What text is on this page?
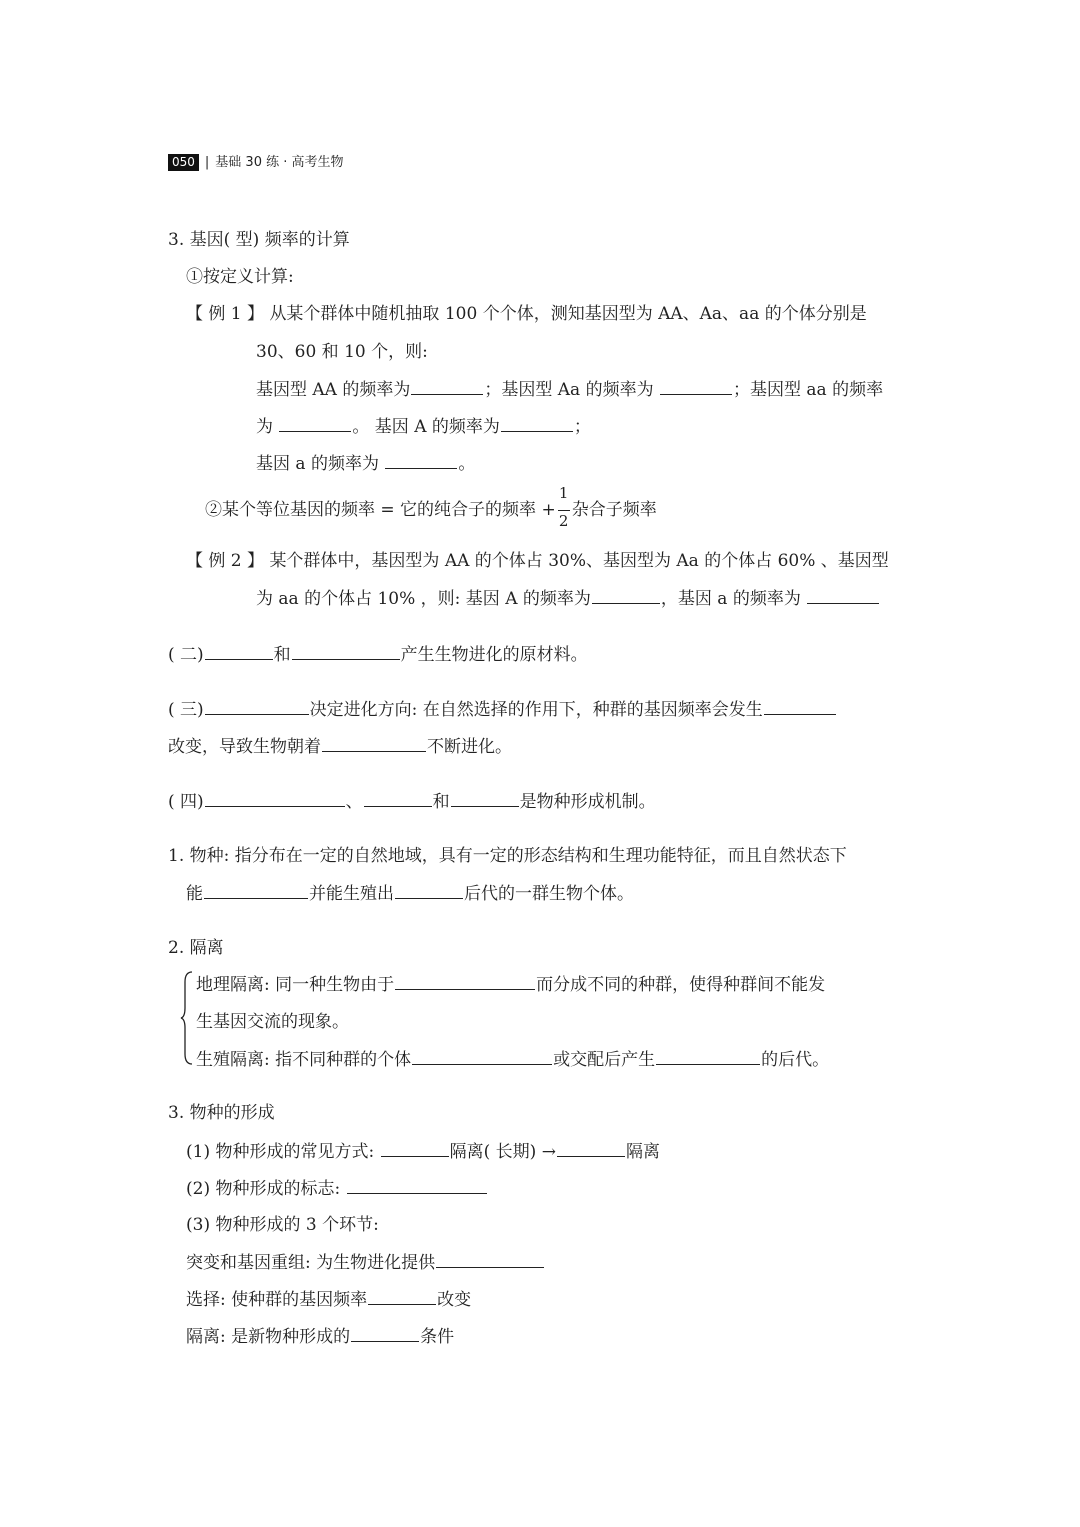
050 | 基础 30 练 · 高考生物
3. 基因( 型) 频率的计算
①按定义计算:
【 例 1 】 从某个群体中随机抽取 100 个个体，测知基因型为 AA、Aa、aa 的个体分别是
30、60 和 10 个，则:
基因型 AA 的频率为	；基因型 Aa 的频率为	；基因型 aa 的频率
为	。 基因 A 的频率为	；
基因 a 的频率为	。
②某个等位基因的频率 = 它的纯合子的频率 + $\frac{1}{2}$ 杂合子频率
【 例 2 】 某个群体中，基因型为 AA 的个体占 30%、基因型为 Aa 的个体占 60% 、基因型
为 aa 的个体占 10% ，则: 基因 A 的频率为	，基因 a 的频率为
( 二)	和	产生生物进化的原材料。
( 三)	决定进化方向: 在自然选择的作用下，种群的基因频率会发生
改变，导致生物朝着	不断进化。
( 四)	、	和	是物种形成机制。
1. 物种: 指分布在一定的自然地域，具有一定的形态结构和生理功能特征，而且自然状态下
能	并能生殖出	后代的一群生物个体。
2. 隔离
地理隔离: 同一种生物由于	而分成不同的种群，使得种群间不能发
生基因交流的现象。
生殖隔离: 指不同种群的个体	或交配后产生	的后代。
3. 物种的形成
(1) 物种形成的常见方式:	隔离( 长期) →	隔离
(2) 物种形成的标志:
(3) 物种形成的 3 个环节:
突变和基因重组: 为生物进化提供
选择: 使种群的基因频率	改变
隔离: 是新物种形成的	条件
